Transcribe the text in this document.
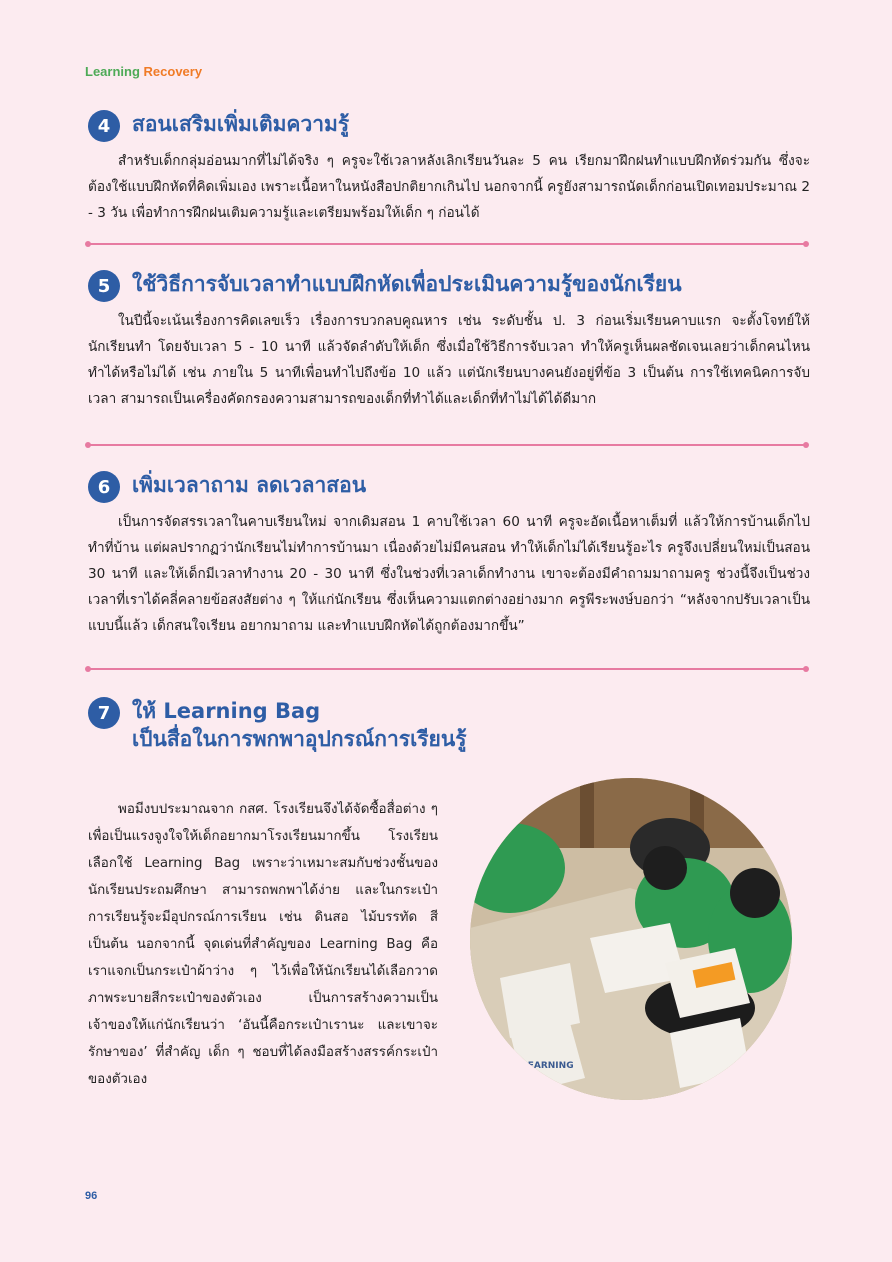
Learning Recovery
4	สอนเสริมเพิ่มเติมความรู้
สำหรับเด็กกลุ่มอ่อนมากที่ไม่ได้จริง ๆ ครูจะใช้เวลาหลังเลิกเรียนวันละ 5 คน เรียกมาฝึกฝนทำแบบฝึกหัดร่วมกัน ซึ่งจะต้องใช้แบบฝึกหัดที่คิดเพิ่มเอง เพราะเนื้อหาในหนังสือปกติยากเกินไป นอกจากนี้ ครูยังสามารถนัดเด็กก่อนเปิดเทอมประมาณ 2 - 3 วัน เพื่อทำการฝึกฝนเติมความรู้และเตรียมพร้อมให้เด็ก ๆ ก่อนได้
5	ใช้วิธีการจับเวลาทำแบบฝึกหัดเพื่อประเมินความรู้ของนักเรียน
ในปีนี้จะเน้นเรื่องการคิดเลขเร็ว เรื่องการบวกลบคูณหาร เช่น ระดับชั้น ป. 3 ก่อนเริ่มเรียนคาบแรก จะตั้งโจทย์ให้นักเรียนทำ โดยจับเวลา 5 - 10 นาที แล้วจัดลำดับให้เด็ก ซึ่งเมื่อใช้วิธีการจับเวลา ทำให้ครูเห็นผลชัดเจนเลยว่าเด็กคนไหนทำได้หรือไม่ได้ เช่น ภายใน 5 นาทีเพื่อนทำไปถึงข้อ 10 แล้ว แต่นักเรียนบางคนยังอยู่ที่ข้อ 3 เป็นต้น การใช้เทคนิคการจับเวลา สามารถเป็นเครื่องคัดกรองความสามารถของเด็กที่ทำได้และเด็กที่ทำไม่ได้ได้ดีมาก
6	เพิ่มเวลาถาม ลดเวลาสอน
เป็นการจัดสรรเวลาในคาบเรียนใหม่ จากเดิมสอน 1 คาบใช้เวลา 60 นาที ครูจะอัดเนื้อหาเต็มที่ แล้วให้การบ้านเด็กไปทำที่บ้าน แต่ผลปรากฏว่านักเรียนไม่ทำการบ้านมา เนื่องด้วยไม่มีคนสอน ทำให้เด็กไม่ได้เรียนรู้อะไร ครูจึงเปลี่ยนใหม่เป็นสอน 30 นาที และให้เด็กมีเวลาทำงาน 20 - 30 นาที ซึ่งในช่วงที่เวลาเด็กทำงาน เขาจะต้องมีคำถามมาถามครู ช่วงนี้จึงเป็นช่วงเวลาที่เราได้คลี่คลายข้อสงสัยต่าง ๆ ให้แก่นักเรียน ซึ่งเห็นความแตกต่างอย่างมาก ครูพีระพงษ์บอกว่า “หลังจากปรับเวลาเป็นแบบนี้แล้ว เด็กสนใจเรียน อยากมาถาม และทำแบบฝึกหัดได้ถูกต้องมากขึ้น”
7	ให้ Learning Bag
เป็นสื่อในการพกพาอุปกรณ์การเรียนรู้
พอมีงบประมาณจาก กสศ. โรงเรียนจึงได้จัดซื้อสื่อต่าง ๆ เพื่อเป็นแรงจูงใจให้เด็กอยากมาโรงเรียนมากขึ้น โรงเรียนเลือกใช้ Learning Bag เพราะว่าเหมาะสมกับช่วงชั้นของนักเรียนประถมศึกษา สามารถพกพาได้ง่าย และในกระเป๋าการเรียนรู้จะมีอุปกรณ์การเรียน เช่น ดินสอ ไม้บรรทัด สี เป็นต้น นอกจากนี้ จุดเด่นที่สำคัญของ Learning Bag คือ เราแจกเป็นกระเป๋าผ้าว่าง ๆ ไว้เพื่อให้นักเรียนได้เลือกวาดภาพระบายสีกระเป๋าของตัวเอง เป็นการสร้างความเป็นเจ้าของให้แก่นักเรียนว่า ‘อันนี้คือกระเป๋าเรานะ และเขาจะรักษาของ’ ที่สำคัญ เด็ก ๆ ชอบที่ได้ลงมือสร้างสรรค์กระเป๋าของตัวเอง
LEARNING
96
